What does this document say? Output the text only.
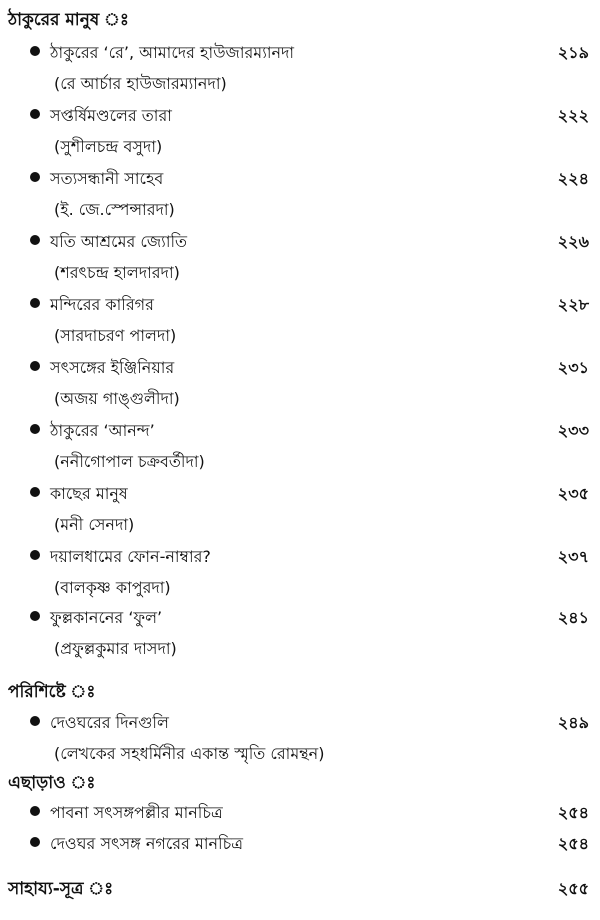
ঠাকুরের মানুষ ঃ
ঠাকুরের ‘রে’, আমাদের হাউজারম্যানদা
(রে আর্চার হাউজারম্যানদা)
২১৯
সপ্তর্ষিমণ্ডলের তারা
(সুশীলচন্দ্র বসুদা)
২২২
সত্যসন্ধানী সাহেব
(ই. জে.স্পেন্সারদা)
২২৪
যতি আশ্রমের জ্যোতি
(শরৎচন্দ্র হালদারদা)
২২৬
মন্দিরের কারিগর
(সারদাচরণ পালদা)
২২৮
সৎসঙ্গের ইঞ্জিনিয়ার
(অজয় গাঙ্গুলীদা)
২৩১
ঠাকুরের ‘আনন্দ’
(ননীগোপাল চক্রবর্তীদা)
২৩৩
কাছের মানুষ
(মনী সেনদা)
২৩৫
দয়ালধামের ফোন-নাম্বার?
(বালকৃষ্ণ কাপুরদা)
২৩৭
ফুল্লকাননের ‘ফুল’
(প্রফুল্লকুমার দাসদা)
২৪১
পরিশিষ্টে ঃ
দেওঘরের দিনগুলি
(লেখকের সহধর্মিনীর একান্ত স্মৃতি রোমন্থন)
২৪৯
এছাড়াও ঃ
পাবনা সৎসঙ্গপল্লীর মানচিত্র	২৫৪
দেওঘর সৎসঙ্গ নগরের মানচিত্র	২৫৪
সাহায্য-সূত্র ঃ	২৫৫
